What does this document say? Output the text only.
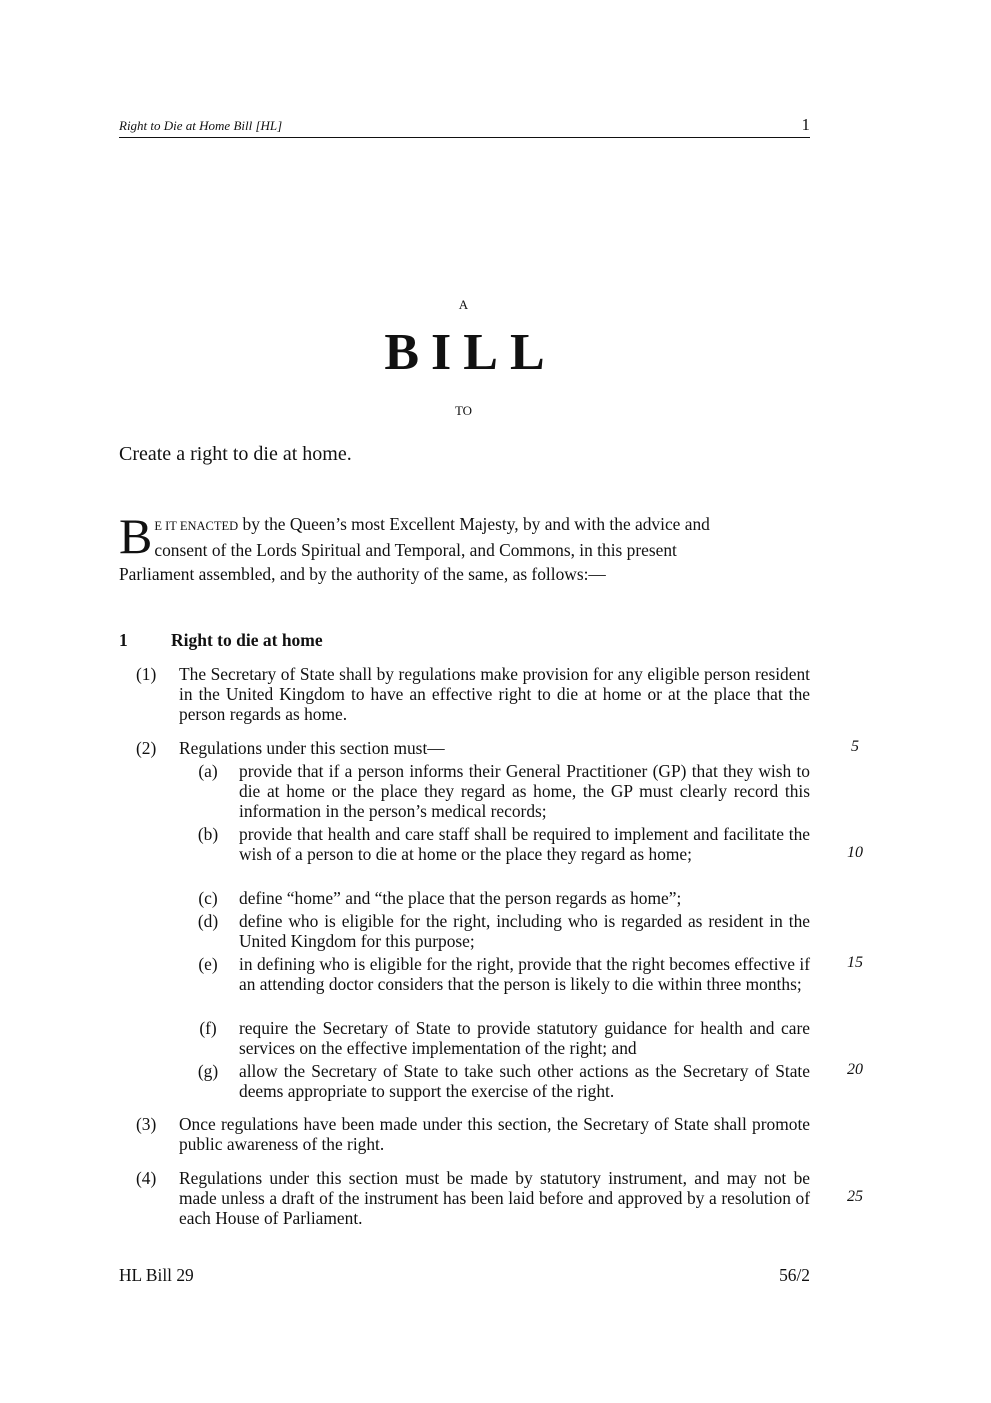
Right to Die at Home Bill [HL]	1
A
BILL
TO
Create a right to die at home.
B E IT ENACTED by the Queen’s most Excellent Majesty, by and with the advice and
consent of the Lords Spiritual and Temporal, and Commons, in this present
Parliament assembled, and by the authority of the same, as follows:—
1 Right to die at home
(1) The Secretary of State shall by regulations make provision for any eligible person resident in the United Kingdom to have an effective right to die at home or at the place that the person regards as home.
(2) Regulations under this section must—
(a) provide that if a person informs their General Practitioner (GP) that they wish to die at home or the place they regard as home, the GP must clearly record this information in the person’s medical records;
(b) provide that health and care staff shall be required to implement and facilitate the wish of a person to die at home or the place they regard as home;
(c) define “home” and “the place that the person regards as home”;
(d) define who is eligible for the right, including who is regarded as resident in the United Kingdom for this purpose;
(e) in defining who is eligible for the right, provide that the right becomes effective if an attending doctor considers that the person is likely to die within three months;
(f) require the Secretary of State to provide statutory guidance for health and care services on the effective implementation of the right; and
(g) allow the Secretary of State to take such other actions as the Secretary of State deems appropriate to support the exercise of the right.
(3) Once regulations have been made under this section, the Secretary of State shall promote public awareness of the right.
(4) Regulations under this section must be made by statutory instrument, and may not be made unless a draft of the instrument has been laid before and approved by a resolution of each House of Parliament.
5
10
15
20
25
HL Bill 29	56/2
